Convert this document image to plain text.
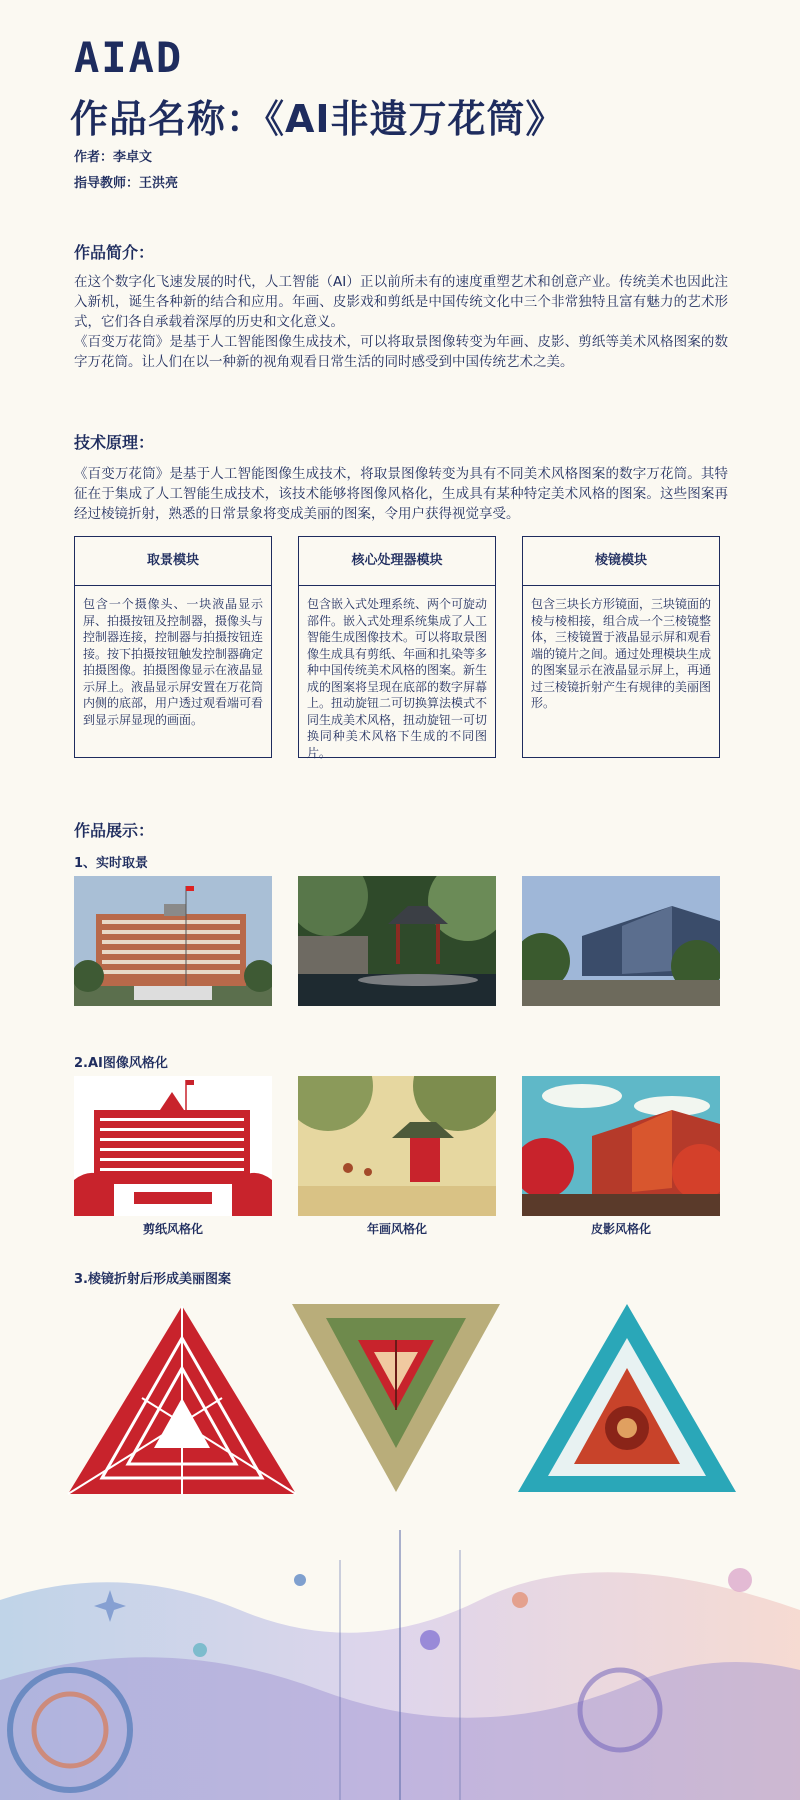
AIAD
作品名称：《AI非遗万花筒》
作者：李卓文
指导教师：王洪亮
作品简介：

在这个数字化飞速发展的时代，人工智能（AI）正以前所未有的速度重塑艺术和创意产业。传统美术也因此注入新机，诞生各种新的结合和应用。年画、皮影戏和剪纸是中国传统文化中三个非常独特且富有魅力的艺术形式，它们各自承载着深厚的历史和文化意义。

《百变万花筒》是基于人工智能图像生成技术，可以将取景图像转变为年画、皮影、剪纸等美术风格图案的数字万花筒。让人们在以一种新的视角观看日常生活的同时感受到中国传统艺术之美。

技术原理：
《百变万花筒》是基于人工智能图像生成技术，将取景图像转变为具有不同美术风格图案的数字万花筒。其特征在于集成了人工智能生成技术，该技术能够将图像风格化，生成具有某种特定美术风格的图案。这些图案再经过棱镜折射，熟悉的日常景象将变成美丽的图案，令用户获得视觉享受。
取景模块
包含一个摄像头、一块液晶显示屏、拍摄按钮及控制器，摄像头与控制器连接，控制器与拍摄按钮连接。按下拍摄按钮触发控制器确定拍摄图像。拍摄图像显示在液晶显示屏上。液晶显示屏安置在万花筒内侧的底部，用户透过观看端可看到显示屏显现的画面。
核心处理器模块
包含嵌入式处理系统、两个可旋动部件。嵌入式处理系统集成了人工智能生成图像技术。可以将取景图像生成具有剪纸、年画和扎染等多种中国传统美术风格的图案。新生成的图案将呈现在底部的数字屏幕上。扭动旋钮二可切换算法模式不同生成美术风格，扭动旋钮一可切换同种美术风格下生成的不同图片。
棱镜模块
包含三块长方形镜面，三块镜面的棱与棱相接，组合成一个三棱镜整体，三棱镜置于液晶显示屏和观看端的镜片之间。通过处理模块生成的图案显示在液晶显示屏上，再通过三棱镜折射产生有规律的美丽图形。
作品展示：
1、实时取景
2.AI图像风格化
剪纸风格化	年画风格化	皮影风格化
3.棱镜折射后形成美丽图案
